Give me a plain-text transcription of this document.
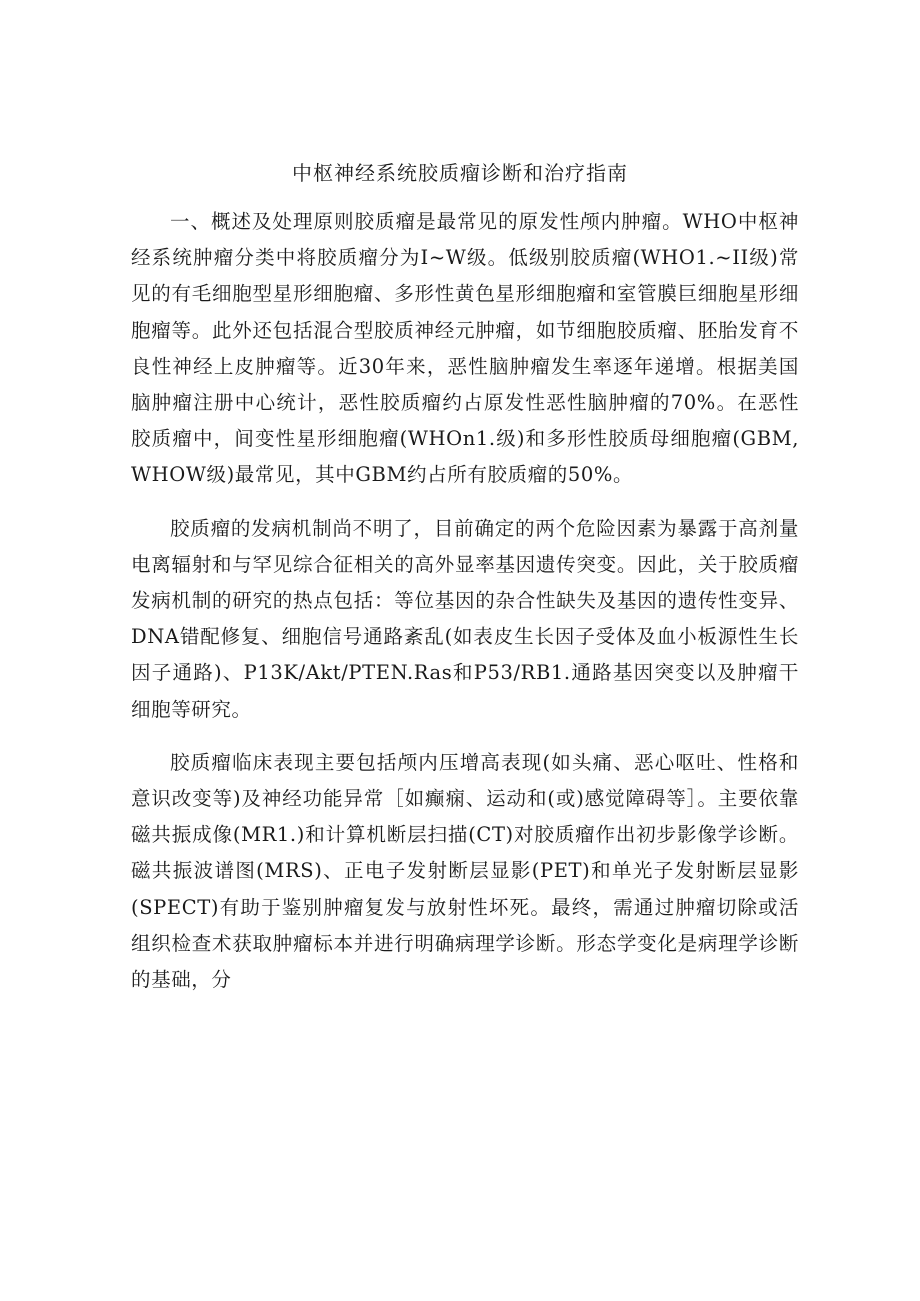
中枢神经系统胶质瘤诊断和治疗指南

一、概述及处理原则胶质瘤是最常见的原发性颅内肿瘤。WHO中枢神经系统肿瘤分类中将胶质瘤分为I~W级。低级别胶质瘤(WHO1.~II级)常见的有毛细胞型星形细胞瘤、多形性黄色星形细胞瘤和室管膜巨细胞星形细胞瘤等。此外还包括混合型胶质神经元肿瘤，如节细胞胶质瘤、胚胎发育不良性神经上皮肿瘤等。近30年来，恶性脑肿瘤发生率逐年递增。根据美国脑肿瘤注册中心统计，恶性胶质瘤约占原发性恶性脑肿瘤的70%。在恶性胶质瘤中，间变性星形细胞瘤(WHOn1.级)和多形性胶质母细胞瘤(GBM,WHOW级)最常见，其中GBM约占所有胶质瘤的50%。

胶质瘤的发病机制尚不明了，目前确定的两个危险因素为暴露于高剂量电离辐射和与罕见综合征相关的高外显率基因遗传突变。因此，关于胶质瘤发病机制的研究的热点包括：等位基因的杂合性缺失及基因的遗传性变异、DNA错配修复、细胞信号通路紊乱(如表皮生长因子受体及血小板源性生长因子通路)、P13K/Akt/PTEN.Ras和P53/RB1.通路基因突变以及肿瘤干细胞等研究。

胶质瘤临床表现主要包括颅内压增高表现(如头痛、恶心呕吐、性格和意识改变等)及神经功能异常［如癫痫、运动和(或)感觉障碍等］。主要依靠磁共振成像(MR1.)和计算机断层扫描(CT)对胶质瘤作出初步影像学诊断。磁共振波谱图(MRS)、正电子发射断层显影(PET)和单光子发射断层显影(SPECT)有助于鉴别肿瘤复发与放射性坏死。最终，需通过肿瘤切除或活组织检查术获取肿瘤标本并进行明确病理学诊断。形态学变化是病理学诊断的基础，分
